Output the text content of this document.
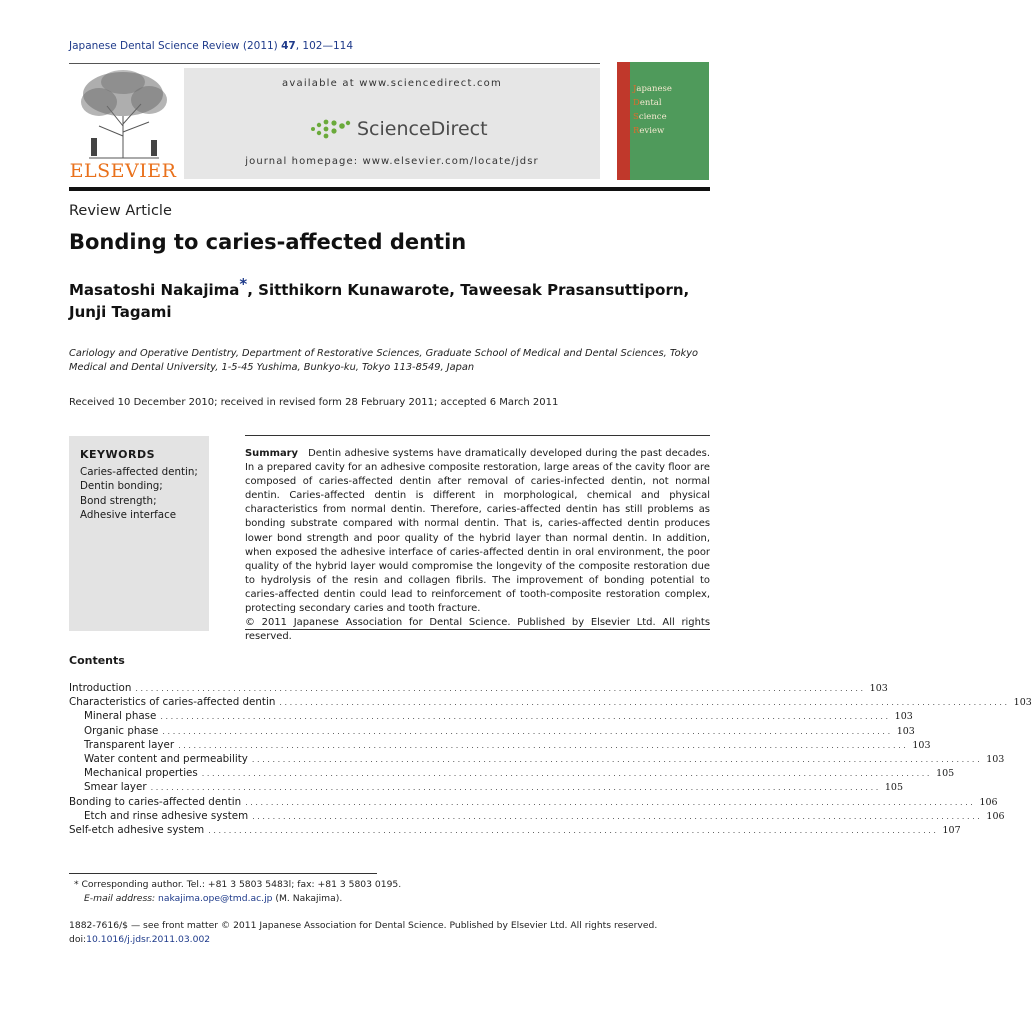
Japanese Dental Science Review (2011) 47, 102—114
ELSEVIER
available at www.sciencedirect.com
ScienceDirect
journal homepage: www.elsevier.com/locate/jdsr
Japanese
Dental
Science
Review
Review Article
Bonding to caries-affected dentin
Masatoshi Nakajima*, Sitthikorn Kunawarote, Taweesak Prasansuttiporn, Junji Tagami
Cariology and Operative Dentistry, Department of Restorative Sciences, Graduate School of Medical and Dental Sciences, Tokyo Medical and Dental University, 1-5-45 Yushima, Bunkyo-ku, Tokyo 113-8549, Japan
Received 10 December 2010; received in revised form 28 February 2011; accepted 6 March 2011
KEYWORDS
Caries-affected dentin;
Dentin bonding;
Bond strength;
Adhesive interface
Summary Dentin adhesive systems have dramatically developed during the past decades. In a prepared cavity for an adhesive composite restoration, large areas of the cavity floor are composed of caries-affected dentin after removal of caries-infected dentin, not normal dentin. Caries-affected dentin is different in morphological, chemical and physical characteristics from normal dentin. Therefore, caries-affected dentin has still problems as bonding substrate compared with normal dentin. That is, caries-affected dentin produces lower bond strength and poor quality of the hybrid layer than normal dentin. In addition, when exposed the adhesive interface of caries-affected dentin in oral environment, the poor quality of the hybrid layer would compromise the longevity of the composite restoration due to hydrolysis of the resin and collagen fibrils. The improvement of bonding potential to caries-affected dentin could lead to reinforcement of tooth-composite restoration complex, protecting secondary caries and tooth fracture.
© 2011 Japanese Association for Dental Science. Published by Elsevier Ltd. All rights reserved.
Contents
Introduction .............................................................................................................................................. 103
Characteristics of caries-affected dentin .............................................................................................................................................. 103
Mineral phase .............................................................................................................................................. 103
Organic phase .............................................................................................................................................. 103
Transparent layer .............................................................................................................................................. 103
Water content and permeability .............................................................................................................................................. 103
Mechanical properties .............................................................................................................................................. 105
Smear layer .............................................................................................................................................. 105
Bonding to caries-affected dentin .............................................................................................................................................. 106
Etch and rinse adhesive system .............................................................................................................................................. 106
Self-etch adhesive system .............................................................................................................................................. 107
* Corresponding author. Tel.: +81 3 5803 5483l; fax: +81 3 5803 0195.
E-mail address: nakajima.ope@tmd.ac.jp (M. Nakajima).
1882-7616/$ — see front matter © 2011 Japanese Association for Dental Science. Published by Elsevier Ltd. All rights reserved.
doi:10.1016/j.jdsr.2011.03.002
